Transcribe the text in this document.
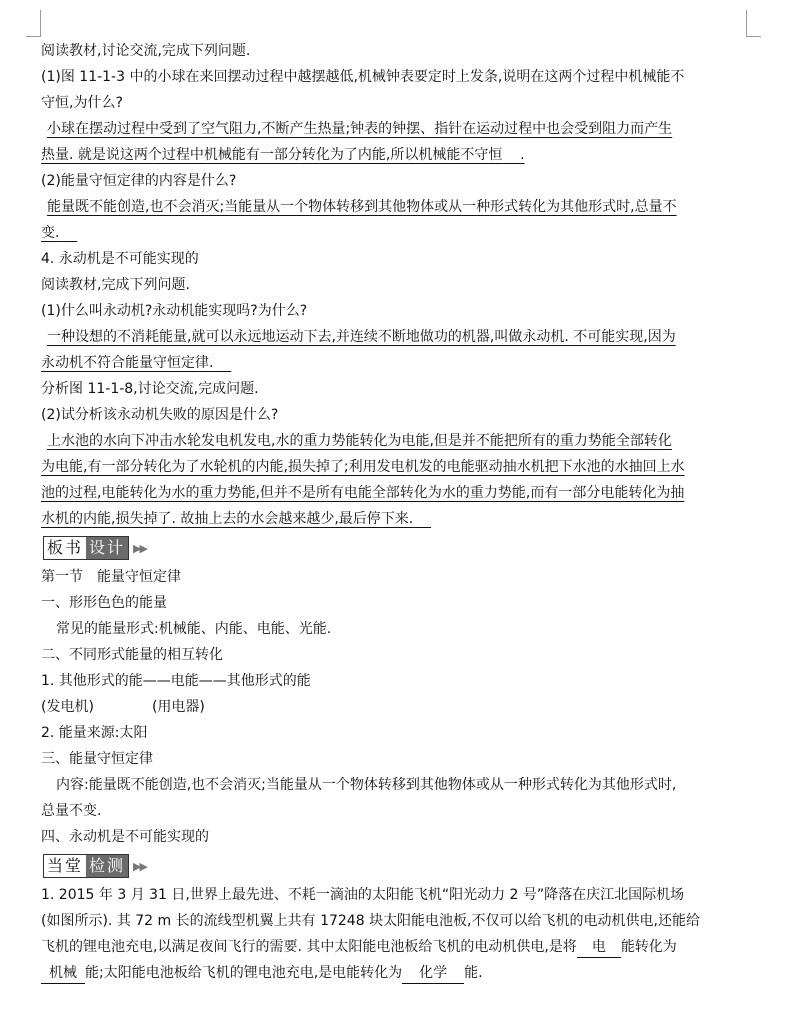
阅读教材,讨论交流,完成下列问题.
(1)图 11-1-3 中的小球在来回摆动过程中越摆越低,机械钟表要定时上发条,说明在这两个过程中机械能不
守恒,为什么?
小球在摆动过程中受到了空气阻力,不断产生热量;钟表的钟摆、指针在运动过程中也会受到阻力而产生
热量. 就是说这两个过程中机械能有一部分转化为了内能,所以机械能不守恒    .
(2)能量守恒定律的内容是什么?
能量既不能创造,也不会消灭;当能量从一个物体转移到其他物体或从一种形式转化为其他形式时,总量不
变.
4. 永动机是不可能实现的
阅读教材,完成下列问题.
(1)什么叫永动机?永动机能实现吗?为什么?
一种设想的不消耗能量,就可以永远地运动下去,并连续不断地做功的机器,叫做永动机. 不可能实现,因为
永动机不符合能量守恒定律.
分析图 11-1-8,讨论交流,完成问题.
(2)试分析该永动机失败的原因是什么?
上水池的水向下冲击水轮发电机发电,水的重力势能转化为电能,但是并不能把所有的重力势能全部转化
为电能,有一部分转化为了水轮机的内能,损失掉了;利用发电机发的电能驱动抽水机把下水池的水抽回上水
池的过程,电能转化为水的重力势能,但并不是所有电能全部转化为水的重力势能,而有一部分电能转化为抽
水机的内能,损失掉了. 故抽上去的水会越来越少,最后停下来.
板书 设计 ▶▶
第一节　能量守恒定律
一、形形色色的能量
常见的能量形式:机械能、内能、电能、光能.
二、不同形式能量的相互转化
1. 其他形式的能——电能——其他形式的能
(发电机)	(用电器)
2. 能量来源:太阳
三、能量守恒定律
内容:能量既不能创造,也不会消灭;当能量从一个物体转移到其他物体或从一种形式转化为其他形式时,
总量不变.
四、永动机是不可能实现的
当堂 检测 ▶▶
1. 2015 年 3 月 31 日,世界上最先进、不耗一滴油的太阳能飞机“阳光动力 2 号”降落在庆江北国际机场
(如图所示). 其 72 m 长的流线型机翼上共有 17248 块太阳能电池板,不仅可以给飞机的电动机供电,还能给
飞机的锂电池充电,以满足夜间飞行的需要. 其中太阳能电池板给飞机的电动机供电,是将 电 能转化为
机械 能;太阳能电池板给飞机的锂电池充电,是电能转化为 化学 能.
